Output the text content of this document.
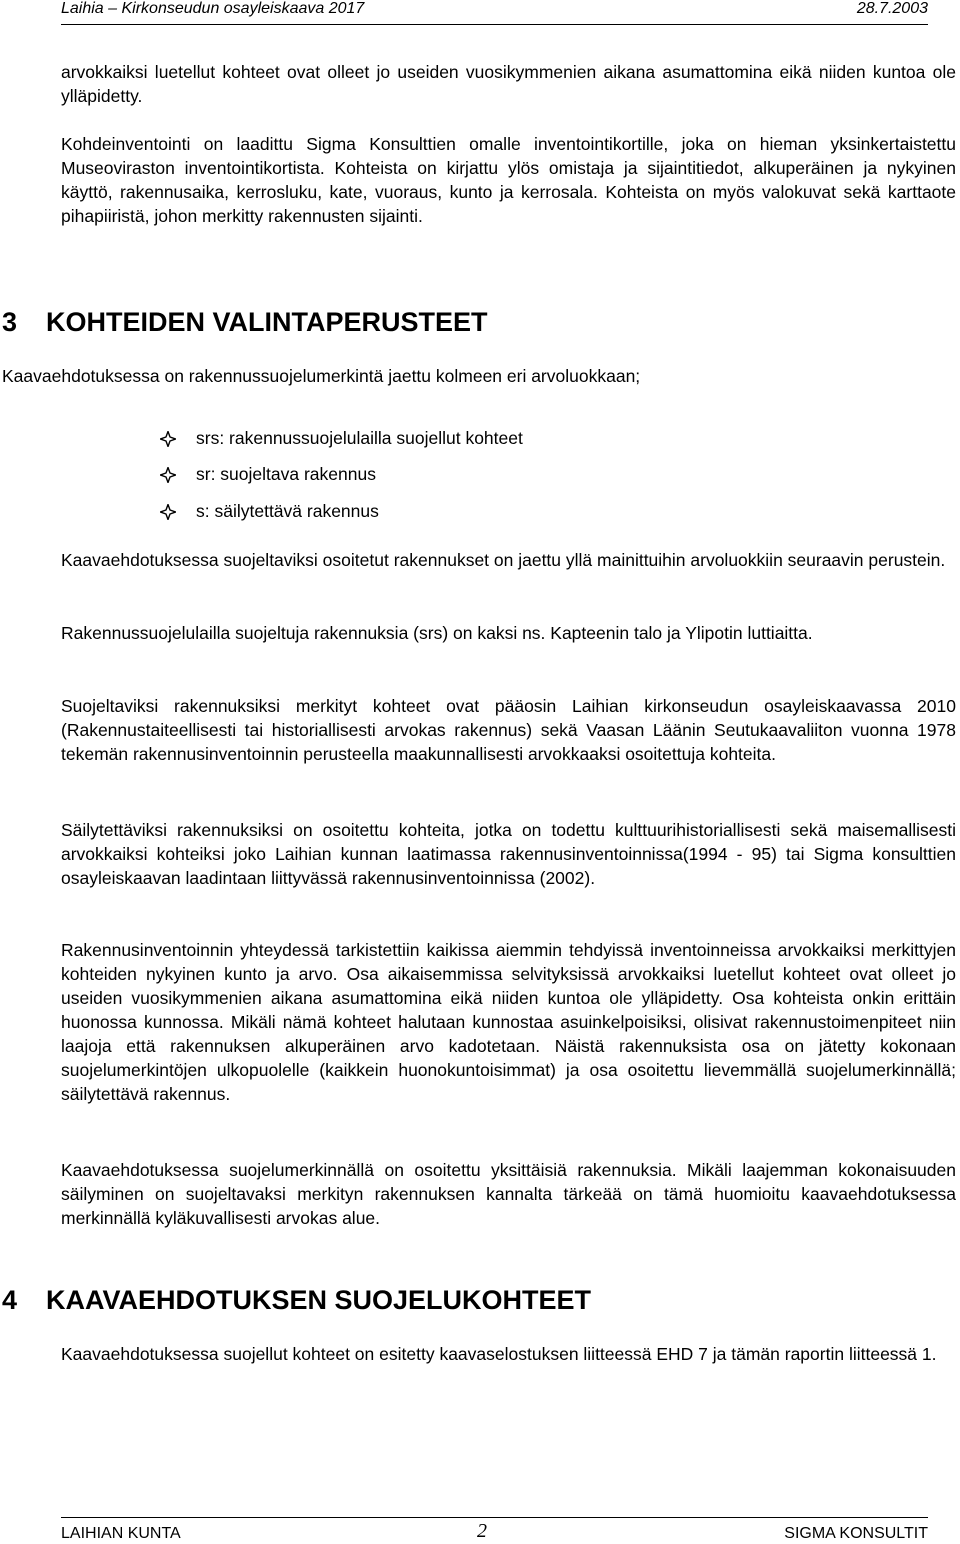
Laihia – Kirkonseudun osayleiskaava 2017	28.7.2003

arvokkaiksi luetellut kohteet ovat olleet jo useiden vuosikymmenien aikana asumattomina eikä niiden kuntoa ole ylläpidetty.

Kohdeinventointi on laadittu Sigma Konsulttien omalle inventointikortille, joka on hieman yksinkertaistettu Museoviraston inventointikortista. Kohteista on kirjattu ylös omistaja ja sijaintitiedot, alkuperäinen ja nykyinen käyttö, rakennusaika, kerrosluku, kate, vuoraus, kunto ja kerrosala. Kohteista on myös valokuvat sekä karttaote pihapiiristä, johon merkitty rakennusten sijainti.

3 KOHTEIDEN VALINTAPERUSTEET

Kaavaehdotuksessa on rakennussuojelumerkintä jaettu kolmeen eri arvoluokkaan;

srs: rakennussuojelulailla suojellut kohteet
sr: suojeltava rakennus
s: säilytettävä rakennus

Kaavaehdotuksessa suojeltaviksi osoitetut rakennukset on jaettu yllä mainittuihin arvoluokkiin seuraavin perustein.

Rakennussuojelulailla suojeltuja rakennuksia (srs) on kaksi ns. Kapteenin talo ja Ylipotin luttiaitta.

Suojeltaviksi rakennuksiksi merkityt kohteet ovat pääosin Laihian kirkonseudun osayleiskaavassa 2010 (Rakennustaiteellisesti tai historiallisesti arvokas rakennus) sekä Vaasan Läänin Seutukaavaliiton vuonna 1978 tekemän rakennusinventoinnin perusteella maakunnallisesti arvokkaaksi osoitettuja kohteita.

Säilytettäviksi rakennuksiksi on osoitettu kohteita, jotka on todettu kulttuurihistoriallisesti sekä maisemallisesti arvokkaiksi kohteiksi joko Laihian kunnan laatimassa rakennusinventoinnissa(1994 - 95) tai Sigma konsulttien osayleiskaavan laadintaan liittyvässä rakennusinventoinnissa (2002).

Rakennusinventoinnin yhteydessä tarkistettiin kaikissa aiemmin tehdyissä inventoinneissa arvokkaiksi merkittyjen kohteiden nykyinen kunto ja arvo. Osa aikaisemmissa selvityksissä arvokkaiksi luetellut kohteet ovat olleet jo useiden vuosikymmenien aikana asumattomina eikä niiden kuntoa ole ylläpidetty. Osa kohteista onkin erittäin huonossa kunnossa. Mikäli nämä kohteet halutaan kunnostaa asuinkelpoisiksi, olisivat rakennustoimenpiteet niin laajoja että rakennuksen alkuperäinen arvo kadotetaan. Näistä rakennuksista osa on jätetty kokonaan suojelumerkintöjen ulkopuolelle (kaikkein huonokuntoisimmat) ja osa osoitettu lievemmällä suojelumerkinnällä; säilytettävä rakennus.

Kaavaehdotuksessa suojelumerkinnällä on osoitettu yksittäisiä rakennuksia. Mikäli laajemman kokonaisuuden säilyminen on suojeltavaksi merkityn rakennuksen kannalta tärkeää on tämä huomioitu kaavaehdotuksessa merkinnällä kyläkuvallisesti arvokas alue.

4 KAAVAEHDOTUKSEN SUOJELUKOHTEET

Kaavaehdotuksessa suojellut kohteet on esitetty kaavaselostuksen liitteessä EHD 7 ja tämän raportin liitteessä 1.

LAIHIAN KUNTA	2	SIGMA KONSULTIT
